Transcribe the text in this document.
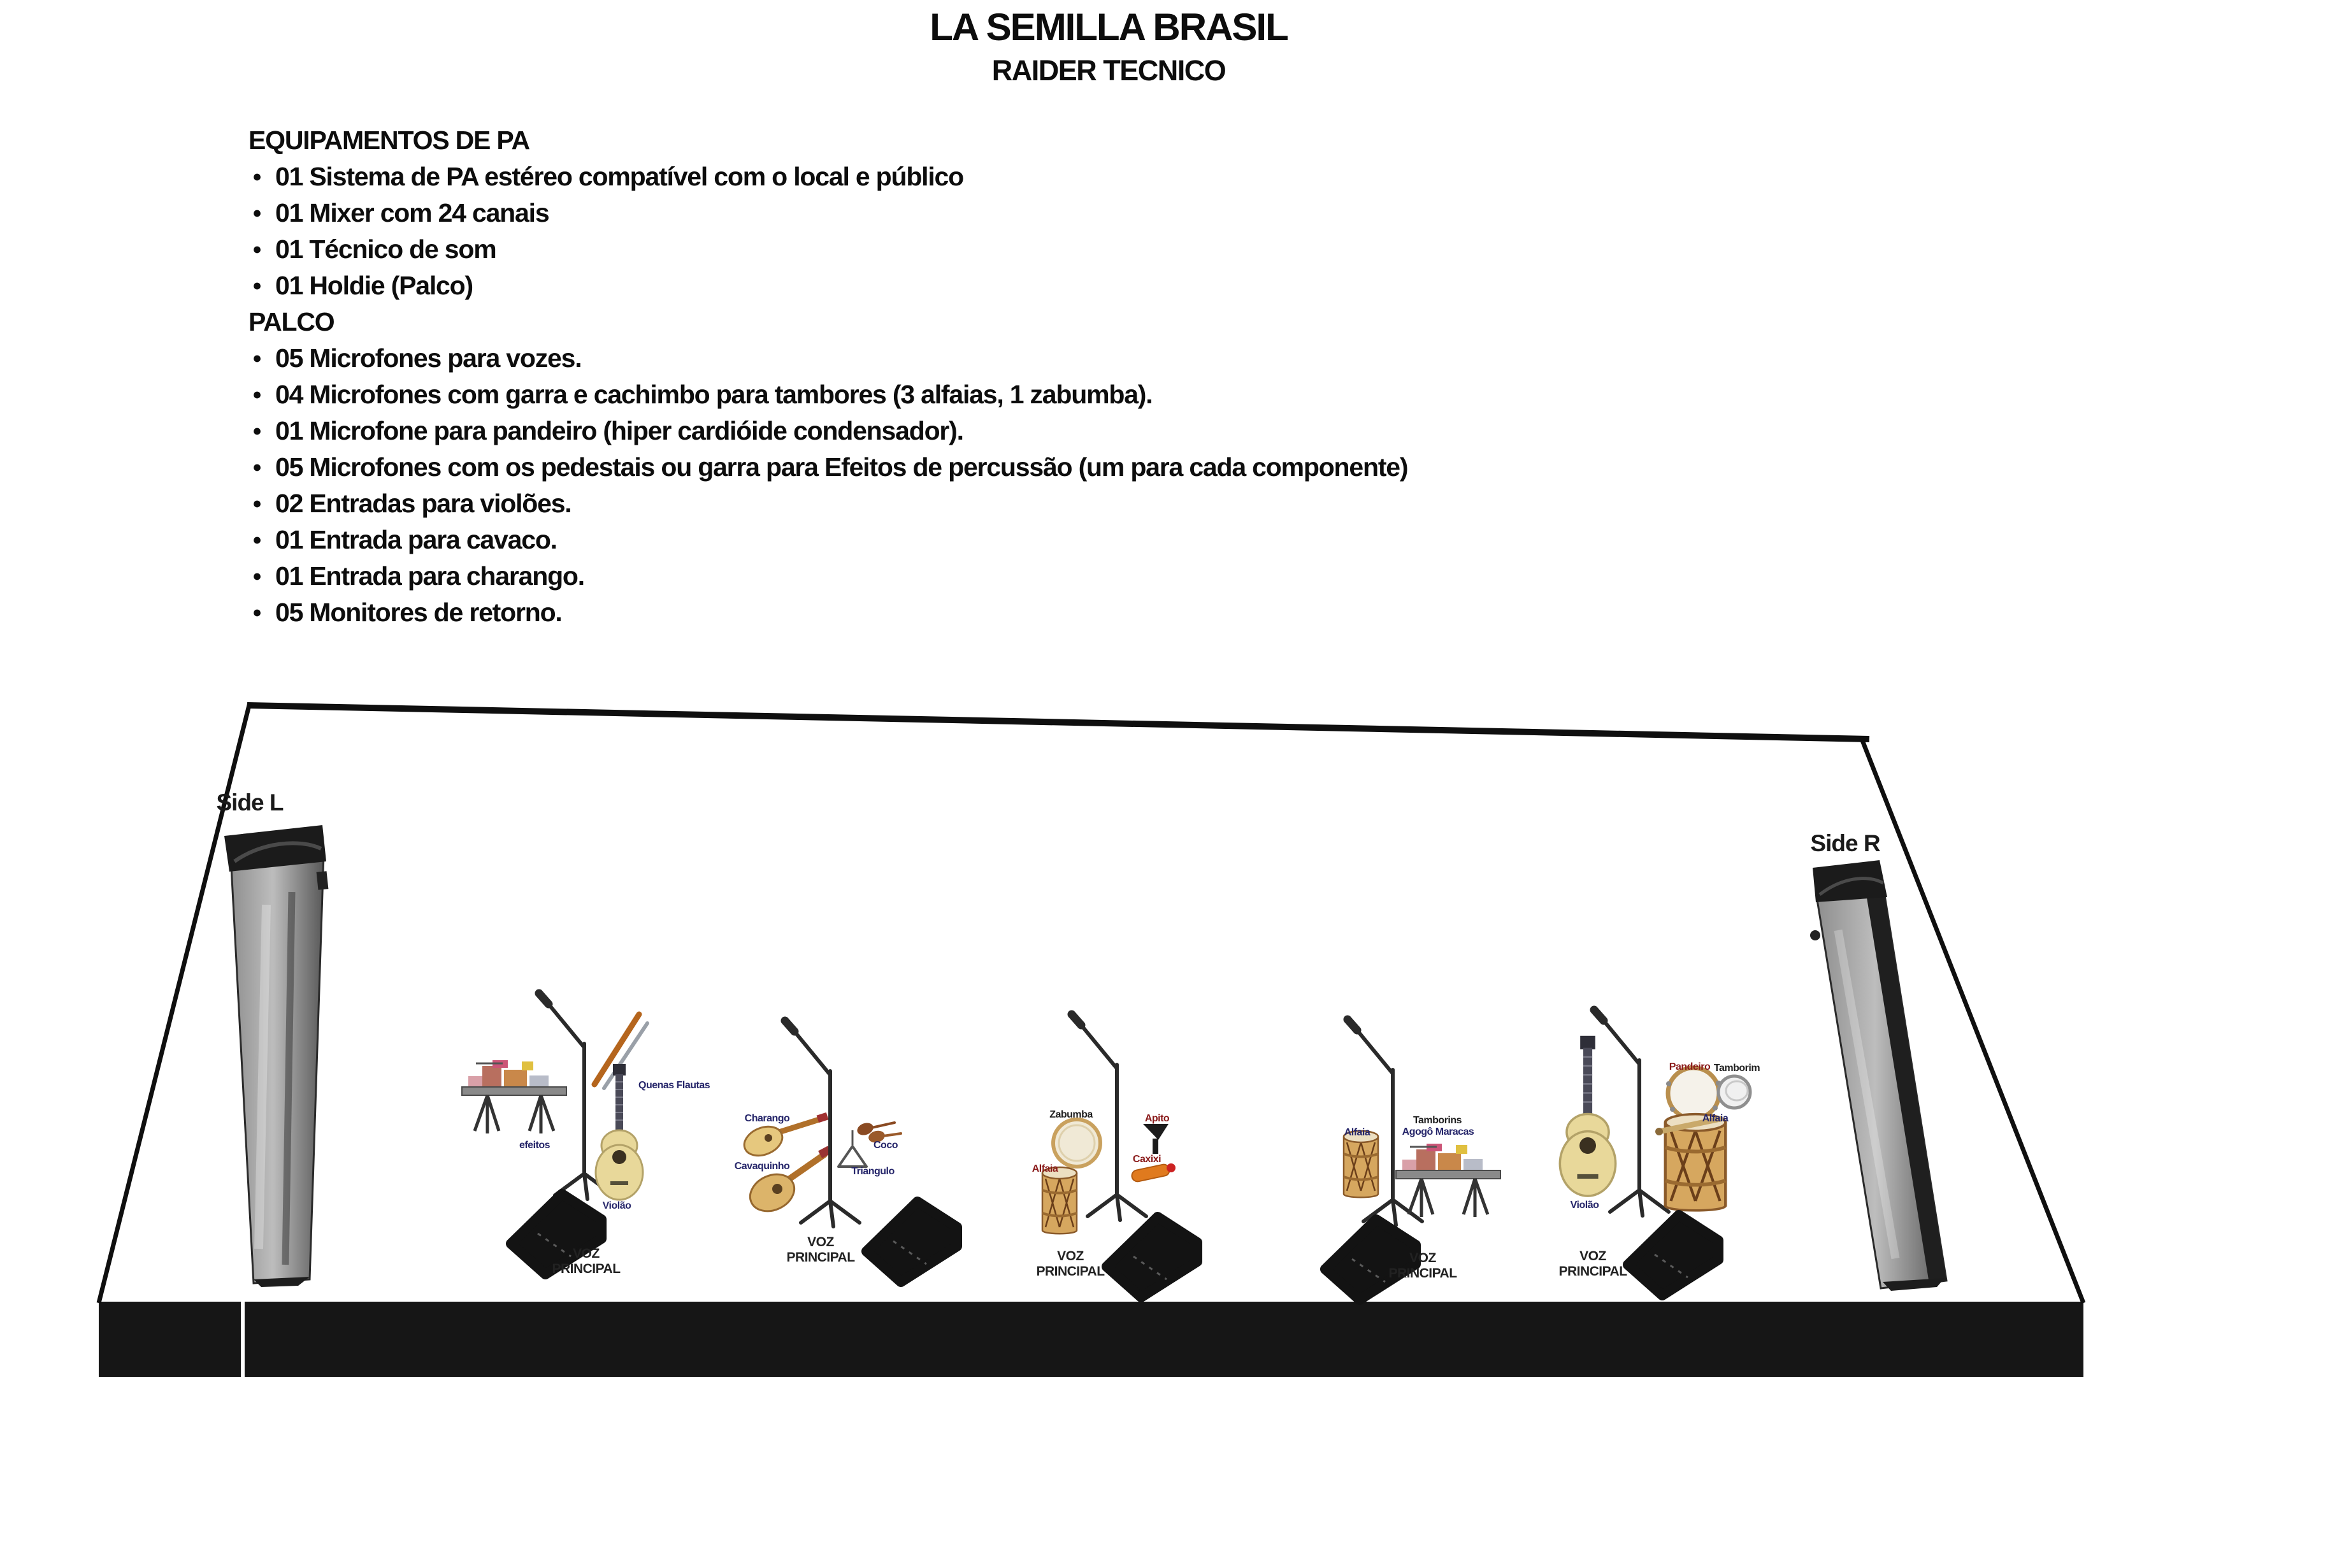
LA SEMILLA BRASIL
RAIDER TECNICO
EQUIPAMENTOS DE PA
● 01 Sistema de PA estéreo compatível com o local e público
● 01 Mixer com 24 canais
● 01 Técnico de som
● 01 Holdie (Palco)
PALCO
● 05 Microfones para vozes.
● 04 Microfones com garra e cachimbo para tambores (3 alfaias, 1 zabumba).
● 01 Microfone para pandeiro (hiper cardióide condensador).
● 05 Microfones com os pedestais ou garra para Efeitos de percussão (um para cada componente)
● 02 Entradas para violões.
● 01 Entrada para cavaco.
● 01 Entrada para charango.
● 05 Monitores de retorno.
efeitos
Quenas Flautas
Violão
VOZ
PRINCIPAL
Charango
Cavaquinho
Coco
Triangulo
VOZ
PRINCIPAL
Zabumba
Alfaia
Apito
Caxixi
VOZ
PRINCIPAL
Alfaia
Tamborins
Agogô Maracas
VOZ
PRINCIPAL
Violão
Pandeiro Tamborim
Alfaia
VOZ
PRINCIPAL
Side L
Side R
